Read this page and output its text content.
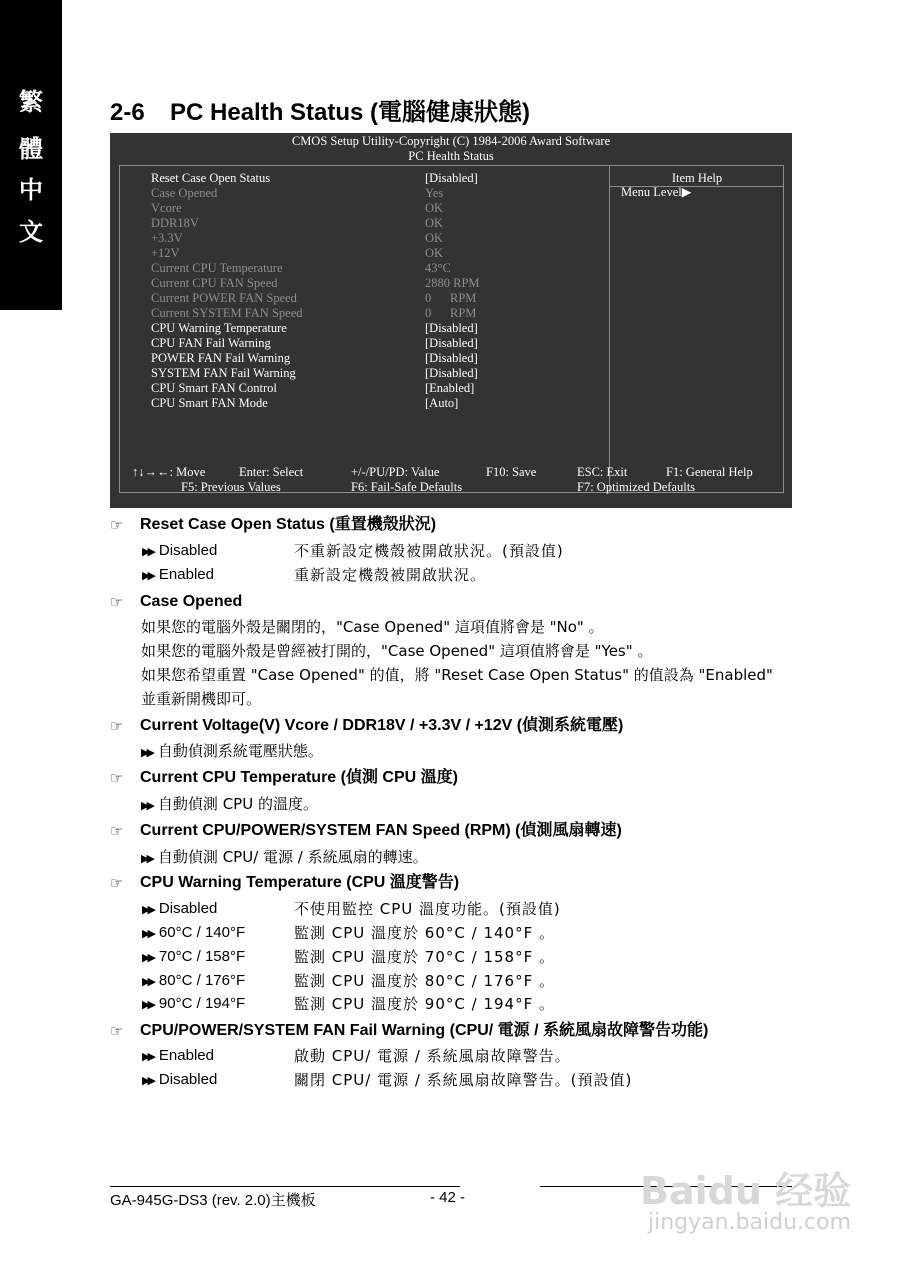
繁
體
中
文
2-6 PC Health Status (電腦健康狀態)
CMOS Setup Utility-Copyright (C) 1984-2006 Award Software
PC Health Status
Reset Case Open Status	[Disabled]
Case Opened	Yes
Vcore	OK
DDR18V	OK
+3.3V	OK
+12V	OK
Current CPU Temperature	43°C
Current CPU FAN Speed	2880 RPM
Current POWER FAN Speed	0      RPM
Current SYSTEM FAN Speed	0      RPM
CPU Warning Temperature	[Disabled]
CPU FAN Fail Warning	[Disabled]
POWER FAN Fail Warning	[Disabled]
SYSTEM FAN Fail Warning	[Disabled]
CPU Smart FAN Control	[Enabled]
CPU Smart FAN Mode	[Auto]
Item Help
Menu Level▶
↑↓→←: Move	Enter: Select	+/-/PU/PD: Value	F10: Save	ESC: Exit	F1: General Help
F5: Previous Values	F6: Fail-Safe Defaults	F7: Optimized Defaults
☞ Reset Case Open Status (重置機殼狀況)
▶▶ Disabled	不重新設定機殼被開啟狀況。(預設值)
▶▶ Enabled	重新設定機殼被開啟狀況。
☞ Case Opened
如果您的電腦外殼是關閉的，"Case Opened" 這項值將會是 "No" 。
如果您的電腦外殼是曾經被打開的，"Case Opened" 這項值將會是 "Yes" 。
如果您希望重置 "Case Opened" 的值，將 "Reset Case Open Status" 的值設為 "Enabled"
並重新開機即可。
☞ Current Voltage(V) Vcore / DDR18V / +3.3V / +12V (偵測系統電壓)
▶▶ 自動偵測系統電壓狀態。
☞ Current CPU Temperature (偵測 CPU 溫度)
▶▶ 自動偵測 CPU 的溫度。
☞ Current CPU/POWER/SYSTEM FAN Speed (RPM) (偵測風扇轉速)
▶▶ 自動偵測 CPU/ 電源 / 系統風扇的轉速。
☞ CPU Warning Temperature (CPU 溫度警告)
▶▶ Disabled	不使用監控 CPU 溫度功能。(預設值)
▶▶ 60°C / 140°F	監測 CPU 溫度於 60°C / 140°F 。
▶▶ 70°C / 158°F	監測 CPU 溫度於 70°C / 158°F 。
▶▶ 80°C / 176°F	監測 CPU 溫度於 80°C / 176°F 。
▶▶ 90°C / 194°F	監測 CPU 溫度於 90°C / 194°F 。
☞ CPU/POWER/SYSTEM FAN Fail Warning (CPU/ 電源 / 系統風扇故障警告功能)
▶▶ Enabled	啟動 CPU/ 電源 / 系統風扇故障警告。
▶▶ Disabled	關閉 CPU/ 電源 / 系統風扇故障警告。(預設值)
GA-945G-DS3 (rev. 2.0)主機板	- 42 -	Baidu 经验
jingyan.baidu.com
